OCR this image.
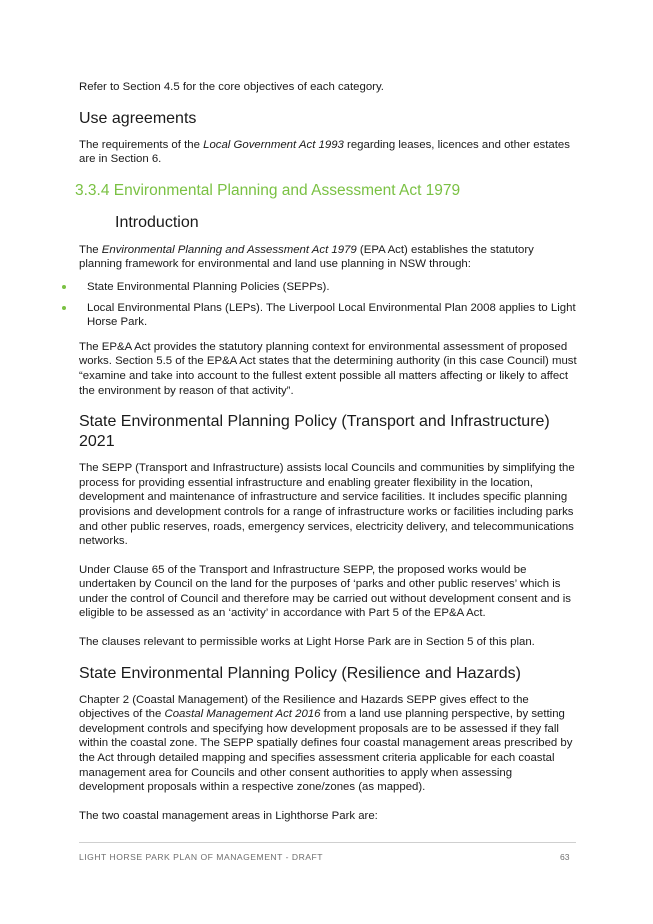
Refer to Section 4.5 for the core objectives of each category.

Use agreements

The requirements of the Local Government Act 1993 regarding leases, licences and other estates are in Section 6.

3.3.4 Environmental Planning and Assessment Act 1979
Introduction

The Environmental Planning and Assessment Act 1979 (EPA Act) establishes the statutory planning framework for environmental and land use planning in NSW through:

State Environmental Planning Policies (SEPPs).
Local Environmental Plans (LEPs). The Liverpool Local Environmental Plan 2008 applies to Light Horse Park.

The EP&A Act provides the statutory planning context for environmental assessment of proposed works. Section 5.5 of the EP&A Act states that the determining authority (in this case Council) must “examine and take into account to the fullest extent possible all matters affecting or likely to affect the environment by reason of that activity”.

State Environmental Planning Policy (Transport and Infrastructure) 2021

The SEPP (Transport and Infrastructure) assists local Councils and communities by simplifying the process for providing essential infrastructure and enabling greater flexibility in the location, development and maintenance of infrastructure and service facilities. It includes specific planning provisions and development controls for a range of infrastructure works or facilities including parks and other public reserves, roads, emergency services, electricity delivery, and telecommunications networks.

Under Clause 65 of the Transport and Infrastructure SEPP, the proposed works would be undertaken by Council on the land for the purposes of ‘parks and other public reserves’ which is under the control of Council and therefore may be carried out without development consent and is eligible to be assessed as an ‘activity’ in accordance with Part 5 of the EP&A Act.

The clauses relevant to permissible works at Light Horse Park are in Section 5 of this plan.

State Environmental Planning Policy (Resilience and Hazards)

Chapter 2 (Coastal Management) of the Resilience and Hazards SEPP gives effect to the objectives of the Coastal Management Act 2016 from a land use planning perspective, by setting development controls and specifying how development proposals are to be assessed if they fall within the coastal zone. The SEPP spatially defines four coastal management areas prescribed by the Act through detailed mapping and specifies assessment criteria applicable for each coastal management area for Councils and other consent authorities to apply when assessing development proposals within a respective zone/zones (as mapped).

The two coastal management areas in Lighthorse Park are:

LIGHT HORSE PARK PLAN OF MANAGEMENT - DRAFT	63
